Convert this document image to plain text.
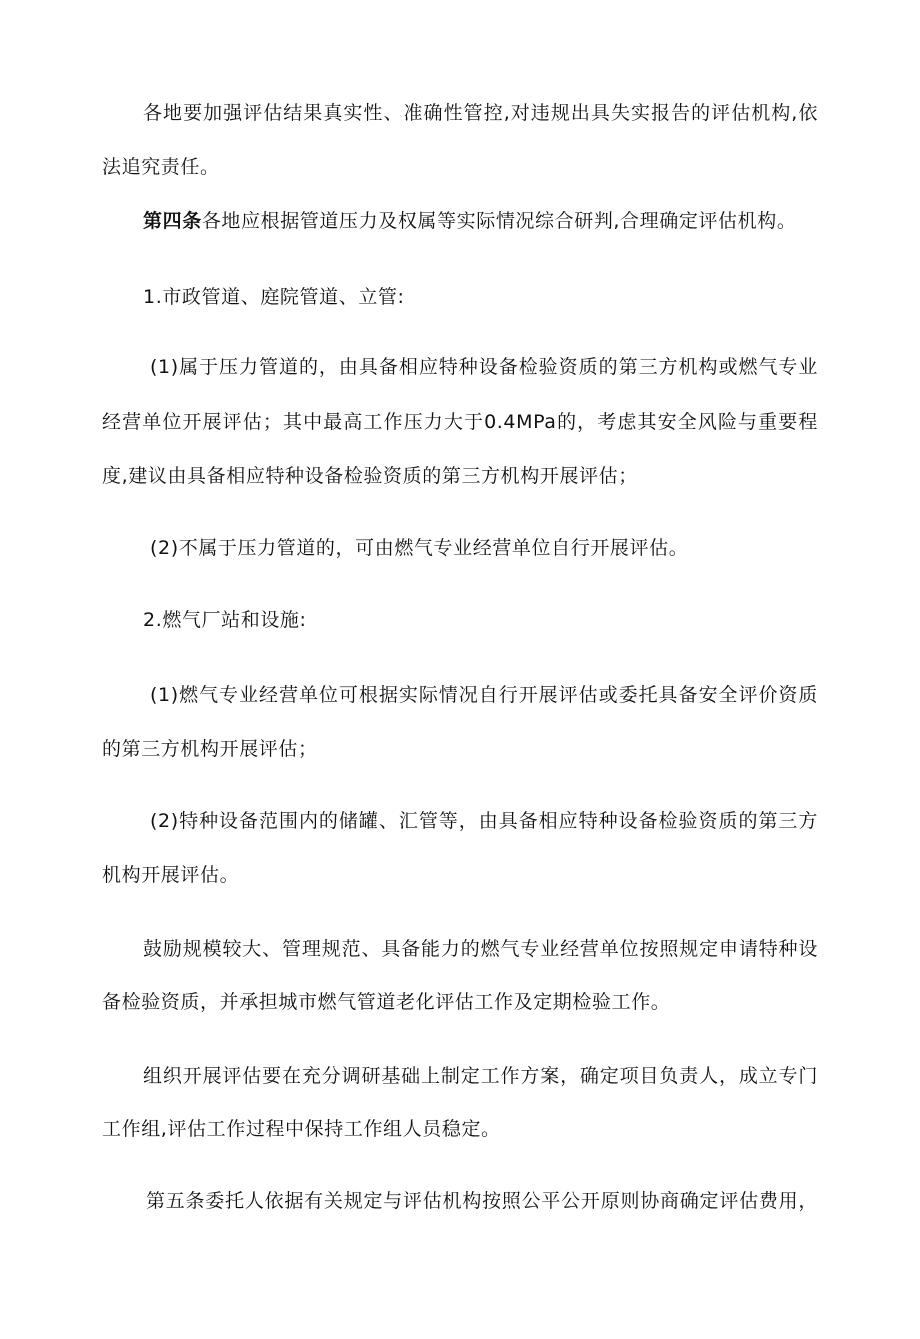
各地要加强评估结果真实性、准确性管控,对违规出具失实报告的评估机构,依

法追究责任。

第四条各地应根据管道压力及权属等实际情况综合研判,合理确定评估机构。

1.市政管道、庭院管道、立管:

(1)属于压力管道的，由具备相应特种设备检验资质的第三方机构或燃气专业

经营单位开展评估；其中最高工作压力大于0.4MPa的，考虑其安全风险与重要程

度,建议由具备相应特种设备检验资质的第三方机构开展评估；

(2)不属于压力管道的，可由燃气专业经营单位自行开展评估。

2.燃气厂站和设施:

(1)燃气专业经营单位可根据实际情况自行开展评估或委托具备安全评价资质

的第三方机构开展评估；

(2)特种设备范围内的储罐、汇管等，由具备相应特种设备检验资质的第三方

机构开展评估。

鼓励规模较大、管理规范、具备能力的燃气专业经营单位按照规定申请特种设

备检验资质，并承担城市燃气管道老化评估工作及定期检验工作。

组织开展评估要在充分调研基础上制定工作方案，确定项目负责人，成立专门

工作组,评估工作过程中保持工作组人员稳定。

第五条委托人依据有关规定与评估机构按照公平公开原则协商确定评估费用，
